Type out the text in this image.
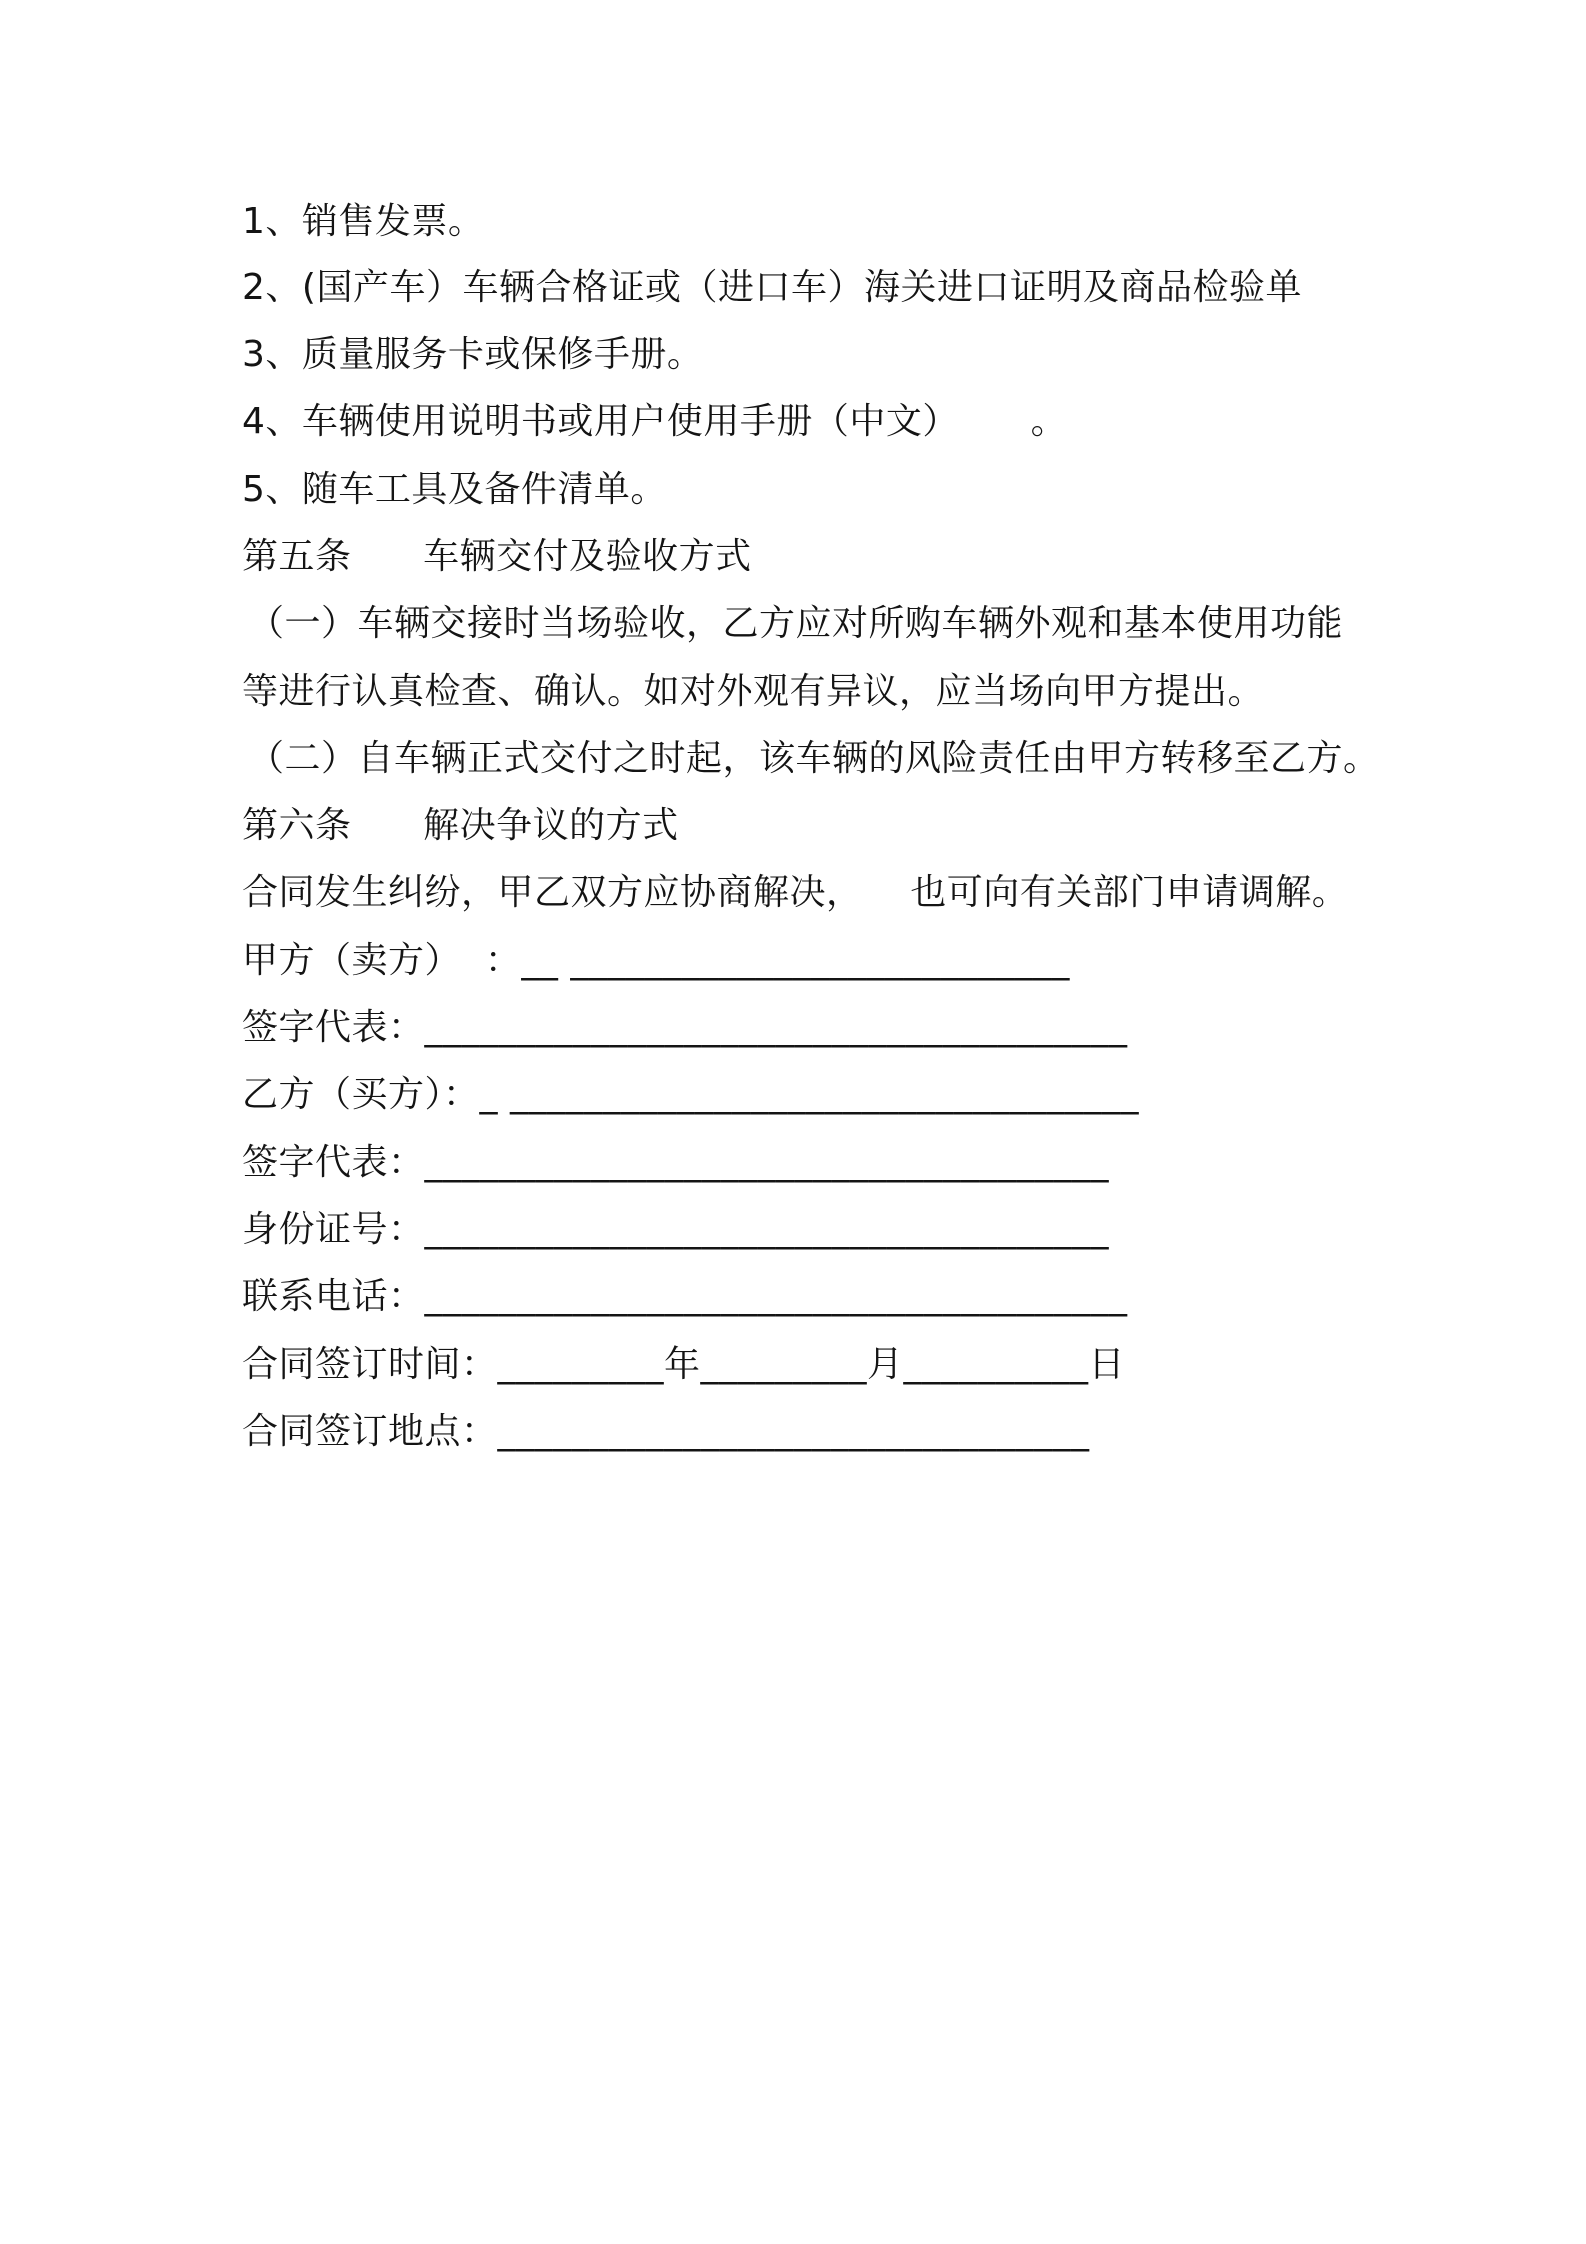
1、销售发票。
2、(国产车）车辆合格证或（进口车）海关进口证明及商品检验单
3、质量服务卡或保修手册。
4、车辆使用说明书或用户使用手册（中文）      。
5、随车工具及备件清单。
第五条      车辆交付及验收方式
（一）车辆交接时当场验收，乙方应对所购车辆外观和基本使用功能
等进行认真检查、确认。如对外观有异议，应当场向甲方提出。
（二）自车辆正式交付之时起，该车辆的风险责任由甲方转移至乙方。
第六条      解决争议的方式
合同发生纠纷，甲乙双方应协商解决，    也可向有关部门申请调解。
甲方（卖方）  ：__ ___________________________
签字代表：______________________________________
乙方（买方）：_ __________________________________
签字代表：_____________________________________
身份证号：_____________________________________
联系电话：______________________________________
合同签订时间：_________年_________月__________日
合同签订地点：________________________________
